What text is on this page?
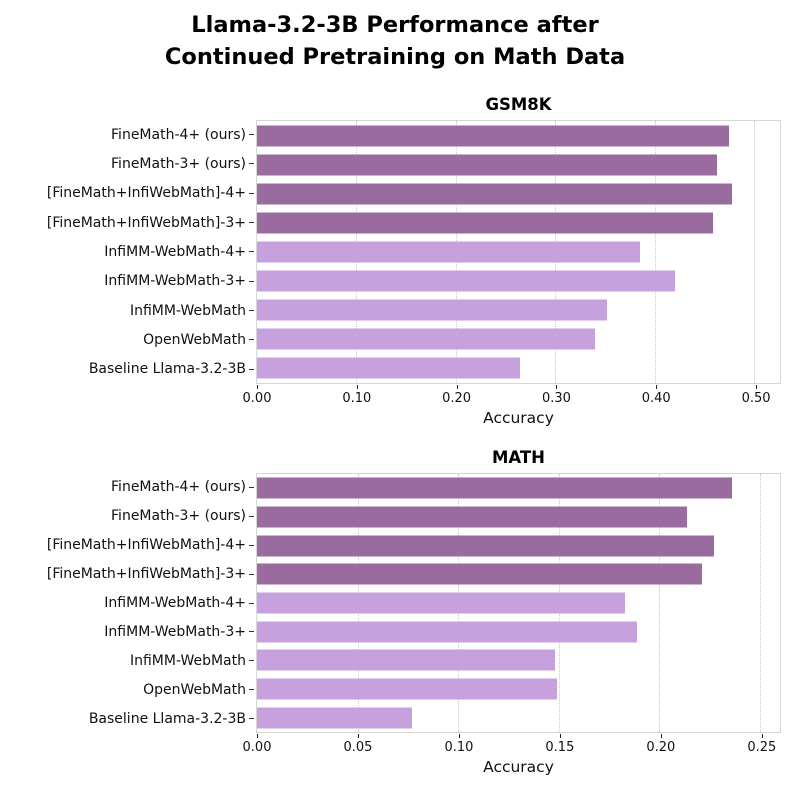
Llama-3.2-3B Performance after
Continued Pretraining on Math Data
GSM8K
FineMath-4+ (ours)
FineMath-3+ (ours)
[FineMath+InfiWebMath]-4+
[FineMath+InfiWebMath]-3+
InfiMM-WebMath-4+
InfiMM-WebMath-3+
InfiMM-WebMath
OpenWebMath
Baseline Llama-3.2-3B
0.00	0.10	0.20	0.30	0.40	0.50
Accuracy
MATH
FineMath-4+ (ours)
FineMath-3+ (ours)
[FineMath+InfiWebMath]-4+
[FineMath+InfiWebMath]-3+
InfiMM-WebMath-4+
InfiMM-WebMath-3+
InfiMM-WebMath
OpenWebMath
Baseline Llama-3.2-3B
0.00	0.05	0.10	0.15	0.20	0.25
Accuracy
